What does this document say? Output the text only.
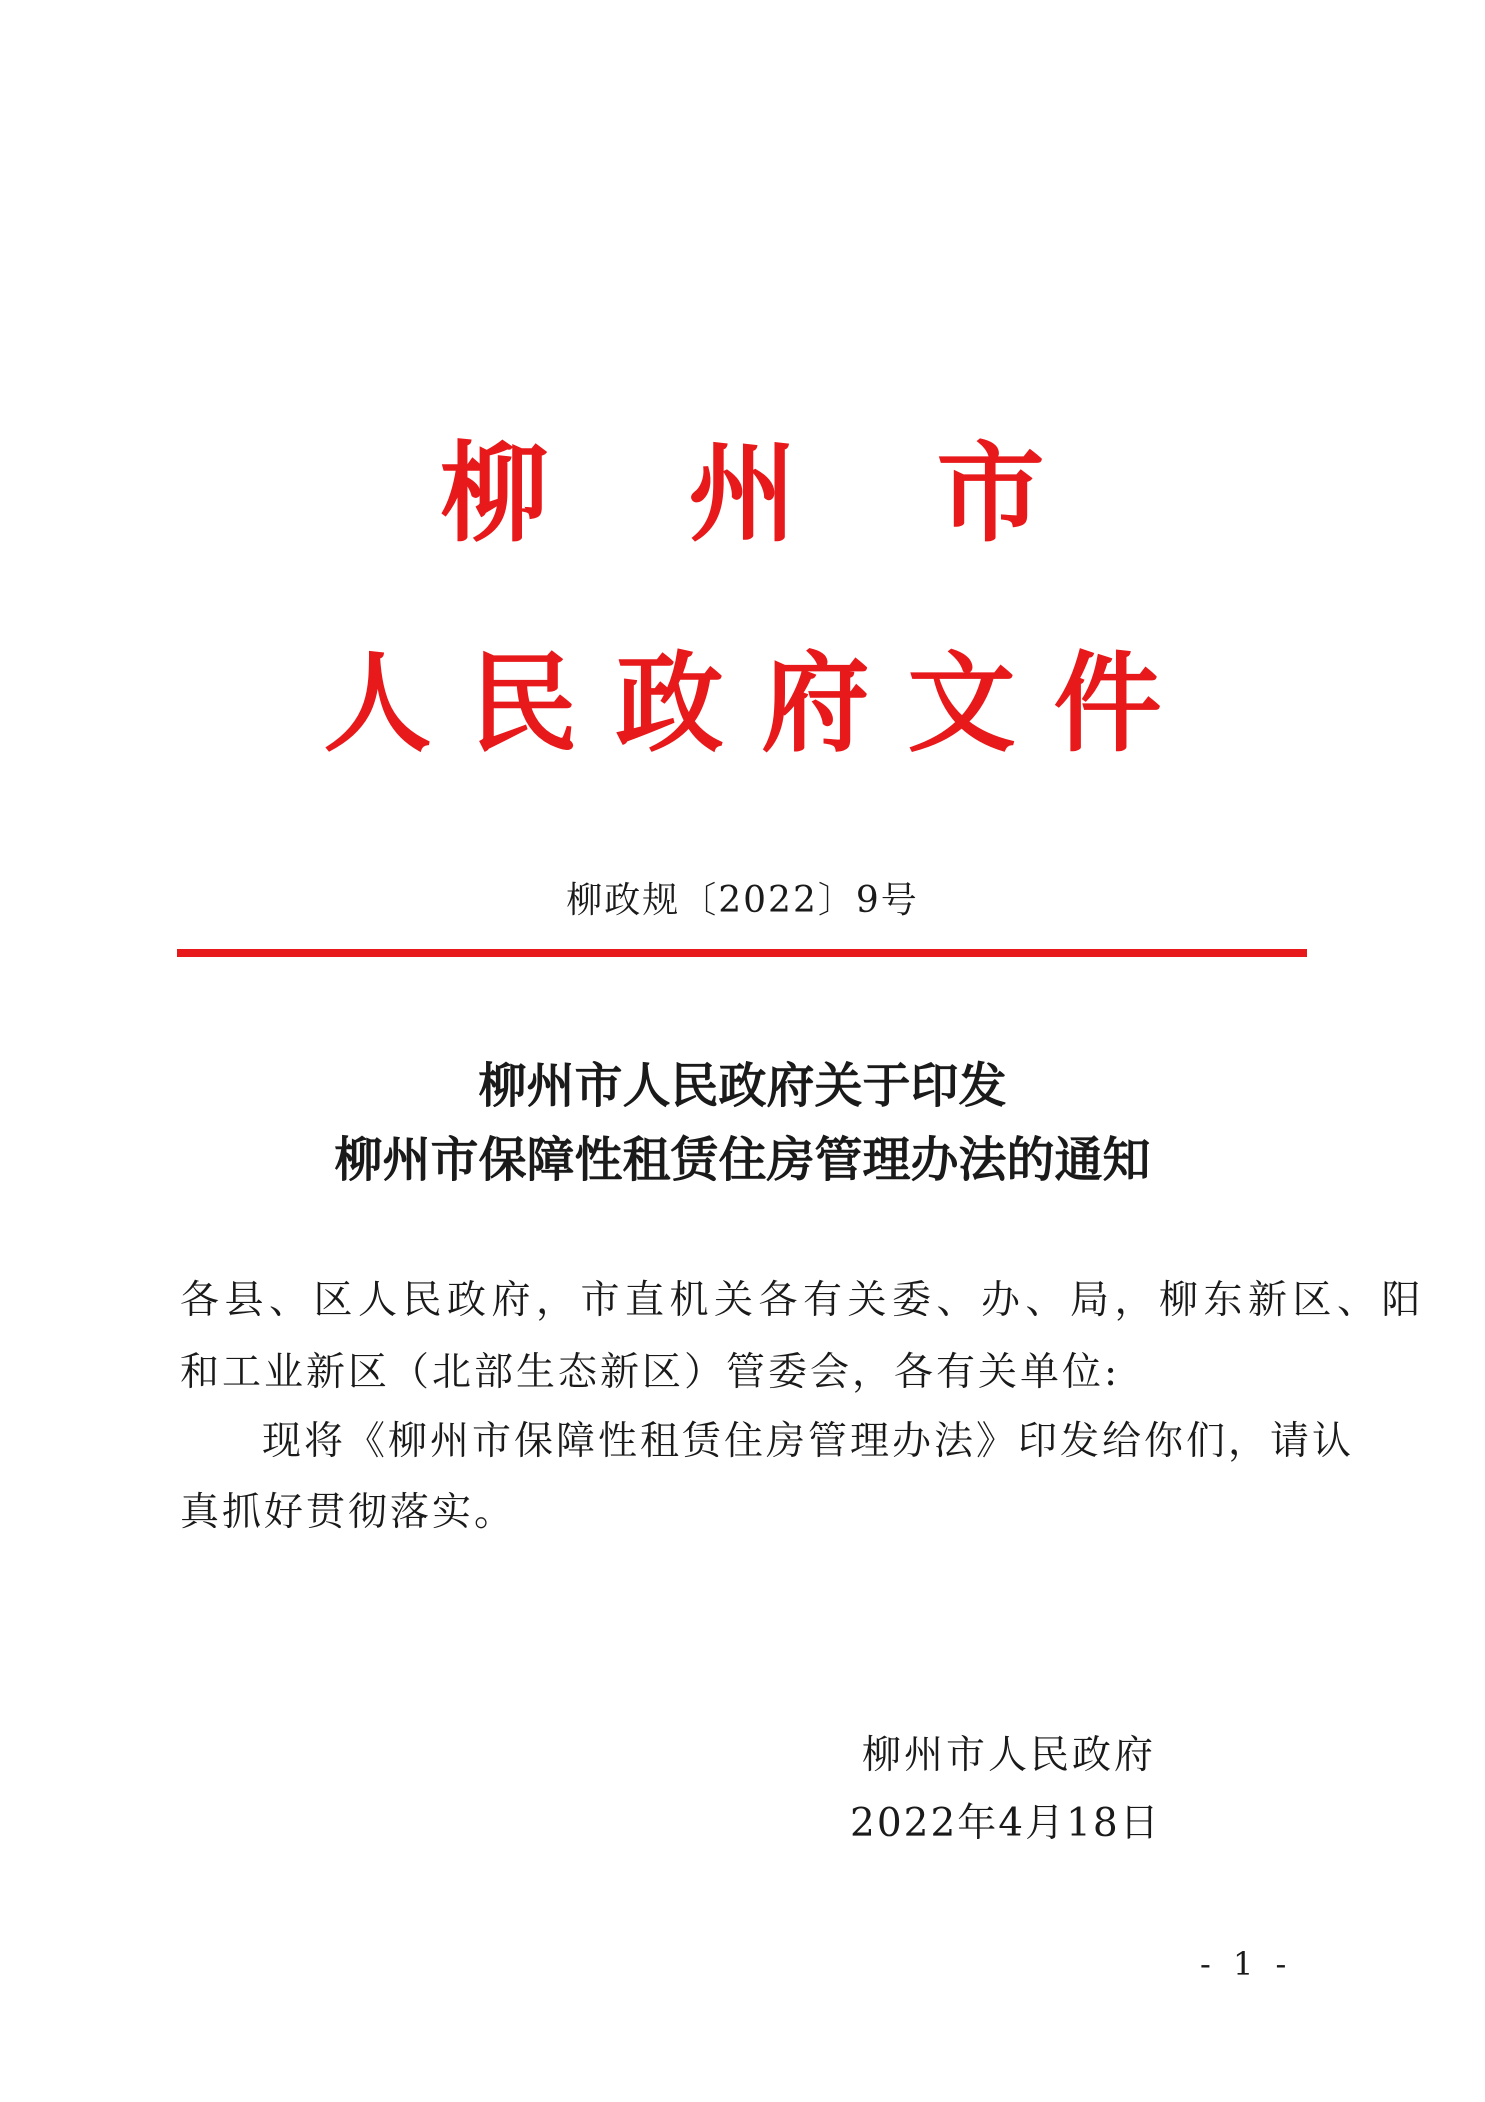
柳州市
人民政府文件
柳政规〔2022〕9号
柳州市人民政府关于印发
柳州市保障性租赁住房管理办法的通知
各县、区人民政府，市直机关各有关委、办、局，柳东新区、阳
和工业新区（北部生态新区）管委会，各有关单位:
现将《柳州市保障性租赁住房管理办法》印发给你们，请认
真抓好贯彻落实。
柳州市人民政府
2022年4月18日
- 1 -
